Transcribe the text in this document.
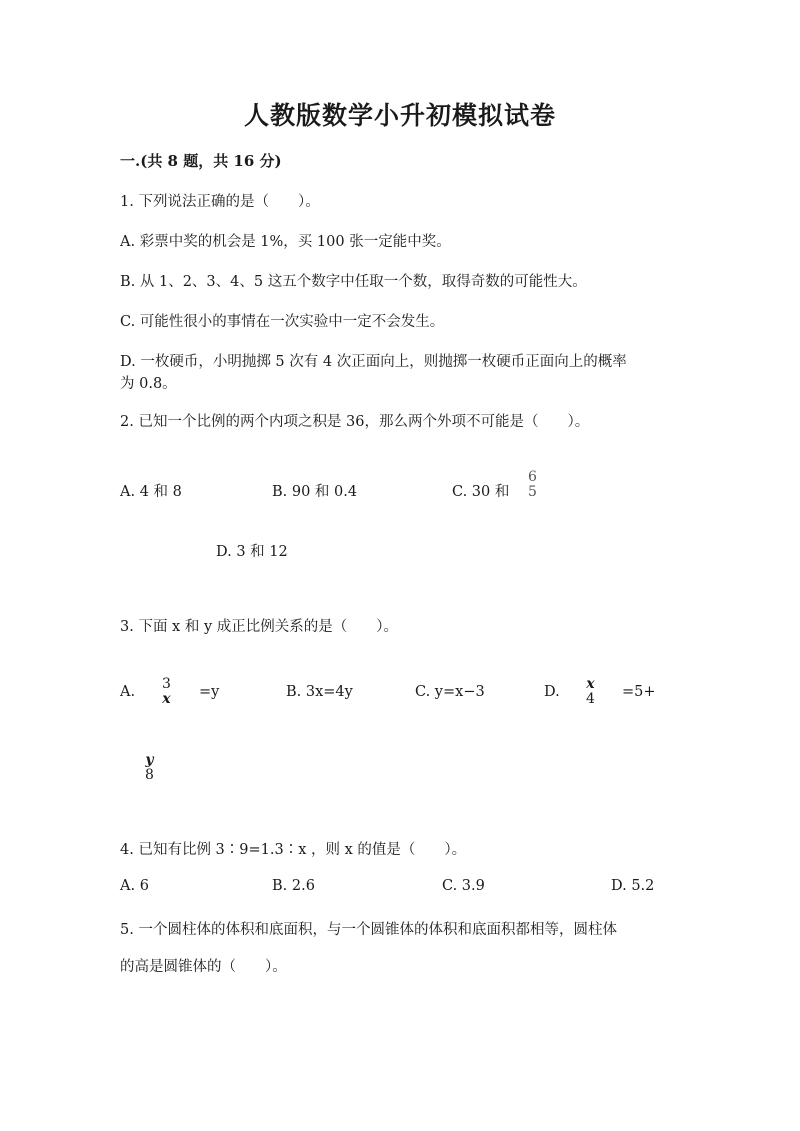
人教版数学小升初模拟试卷
一.(共 8 题，共 16 分)
1. 下列说法正确的是（　　）。
A. 彩票中奖的机会是 1%，买 100 张一定能中奖。
B. 从 1、2、3、4、5 这五个数字中任取一个数，取得奇数的可能性大。
C. 可能性很小的事情在一次实验中一定不会发生。
D. 一枚硬币，小明抛掷 5 次有 4 次正面向上，则抛掷一枚硬币正面向上的概率
为 0.8。
2. 已知一个比例的两个内项之积是 36，那么两个外项不可能是（　　）。
A. 4 和 8	B. 90 和 0.4	C. 30 和
6
5
D. 3 和 12
3. 下面 x 和 y 成正比例关系的是（　　）。
A. 3
x =y	B. 3x=4y	C. y=x−3	D. x
4 =5+
y
8
4. 已知有比例 3∶9=1.3∶x ，则 x 的值是（　　）。
A. 6	B. 2.6	C. 3.9	D. 5.2
5. 一个圆柱体的体积和底面积，与一个圆锥体的体积和底面积都相等，圆柱体
的高是圆锥体的（　　）。
